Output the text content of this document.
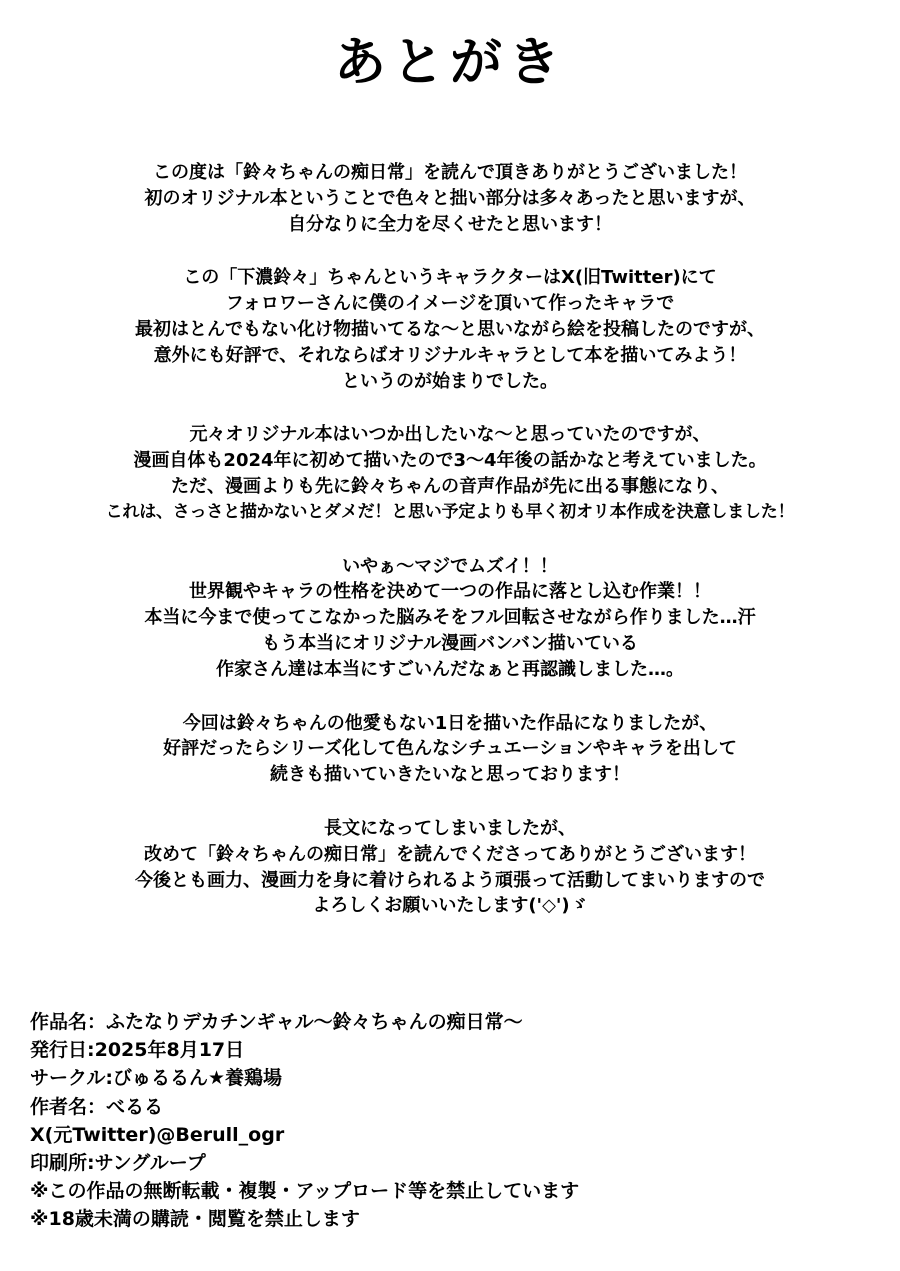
あとがき
この度は「鈴々ちゃんの痴日常」を読んで頂きありがとうございました！
初のオリジナル本ということで色々と拙い部分は多々あったと思いますが、
自分なりに全力を尽くせたと思います！
この「下濃鈴々」ちゃんというキャラクターはX(旧Twitter)にて
フォロワーさんに僕のイメージを頂いて作ったキャラで
最初はとんでもない化け物描いてるな〜と思いながら絵を投稿したのですが、
意外にも好評で、それならばオリジナルキャラとして本を描いてみよう！
というのが始まりでした。
元々オリジナル本はいつか出したいな〜と思っていたのですが、
漫画自体も2024年に初めて描いたので3〜4年後の話かなと考えていました。
ただ、漫画よりも先に鈴々ちゃんの音声作品が先に出る事態になり、
これは、さっさと描かないとダメだ！と思い予定よりも早く初オリ本作成を決意しました！
いやぁ〜マジでムズイ！！
世界観やキャラの性格を決めて一つの作品に落とし込む作業！！
本当に今まで使ってこなかった脳みそをフル回転させながら作りました…汗
もう本当にオリジナル漫画バンバン描いている
作家さん達は本当にすごいんだなぁと再認識しました…。
今回は鈴々ちゃんの他愛もない1日を描いた作品になりましたが、
好評だったらシリーズ化して色んなシチュエーションやキャラを出して
続きも描いていきたいなと思っております！
長文になってしまいましたが、
改めて「鈴々ちゃんの痴日常」を読んでくださってありがとうございます！
今後とも画力、漫画力を身に着けられるよう頑張って活動してまいりますので
よろしくお願いいたします('◇')ゞ
作品名：ふたなりデカチンギャル〜鈴々ちゃんの痴日常〜
発行日:2025年8月17日
サークル:びゅるるん★養鶏場
作者名：べるる
X(元Twitter)@Berull_ogr
印刷所:サングループ
※この作品の無断転載・複製・アップロード等を禁止しています
※18歳未満の購読・閲覧を禁止します
